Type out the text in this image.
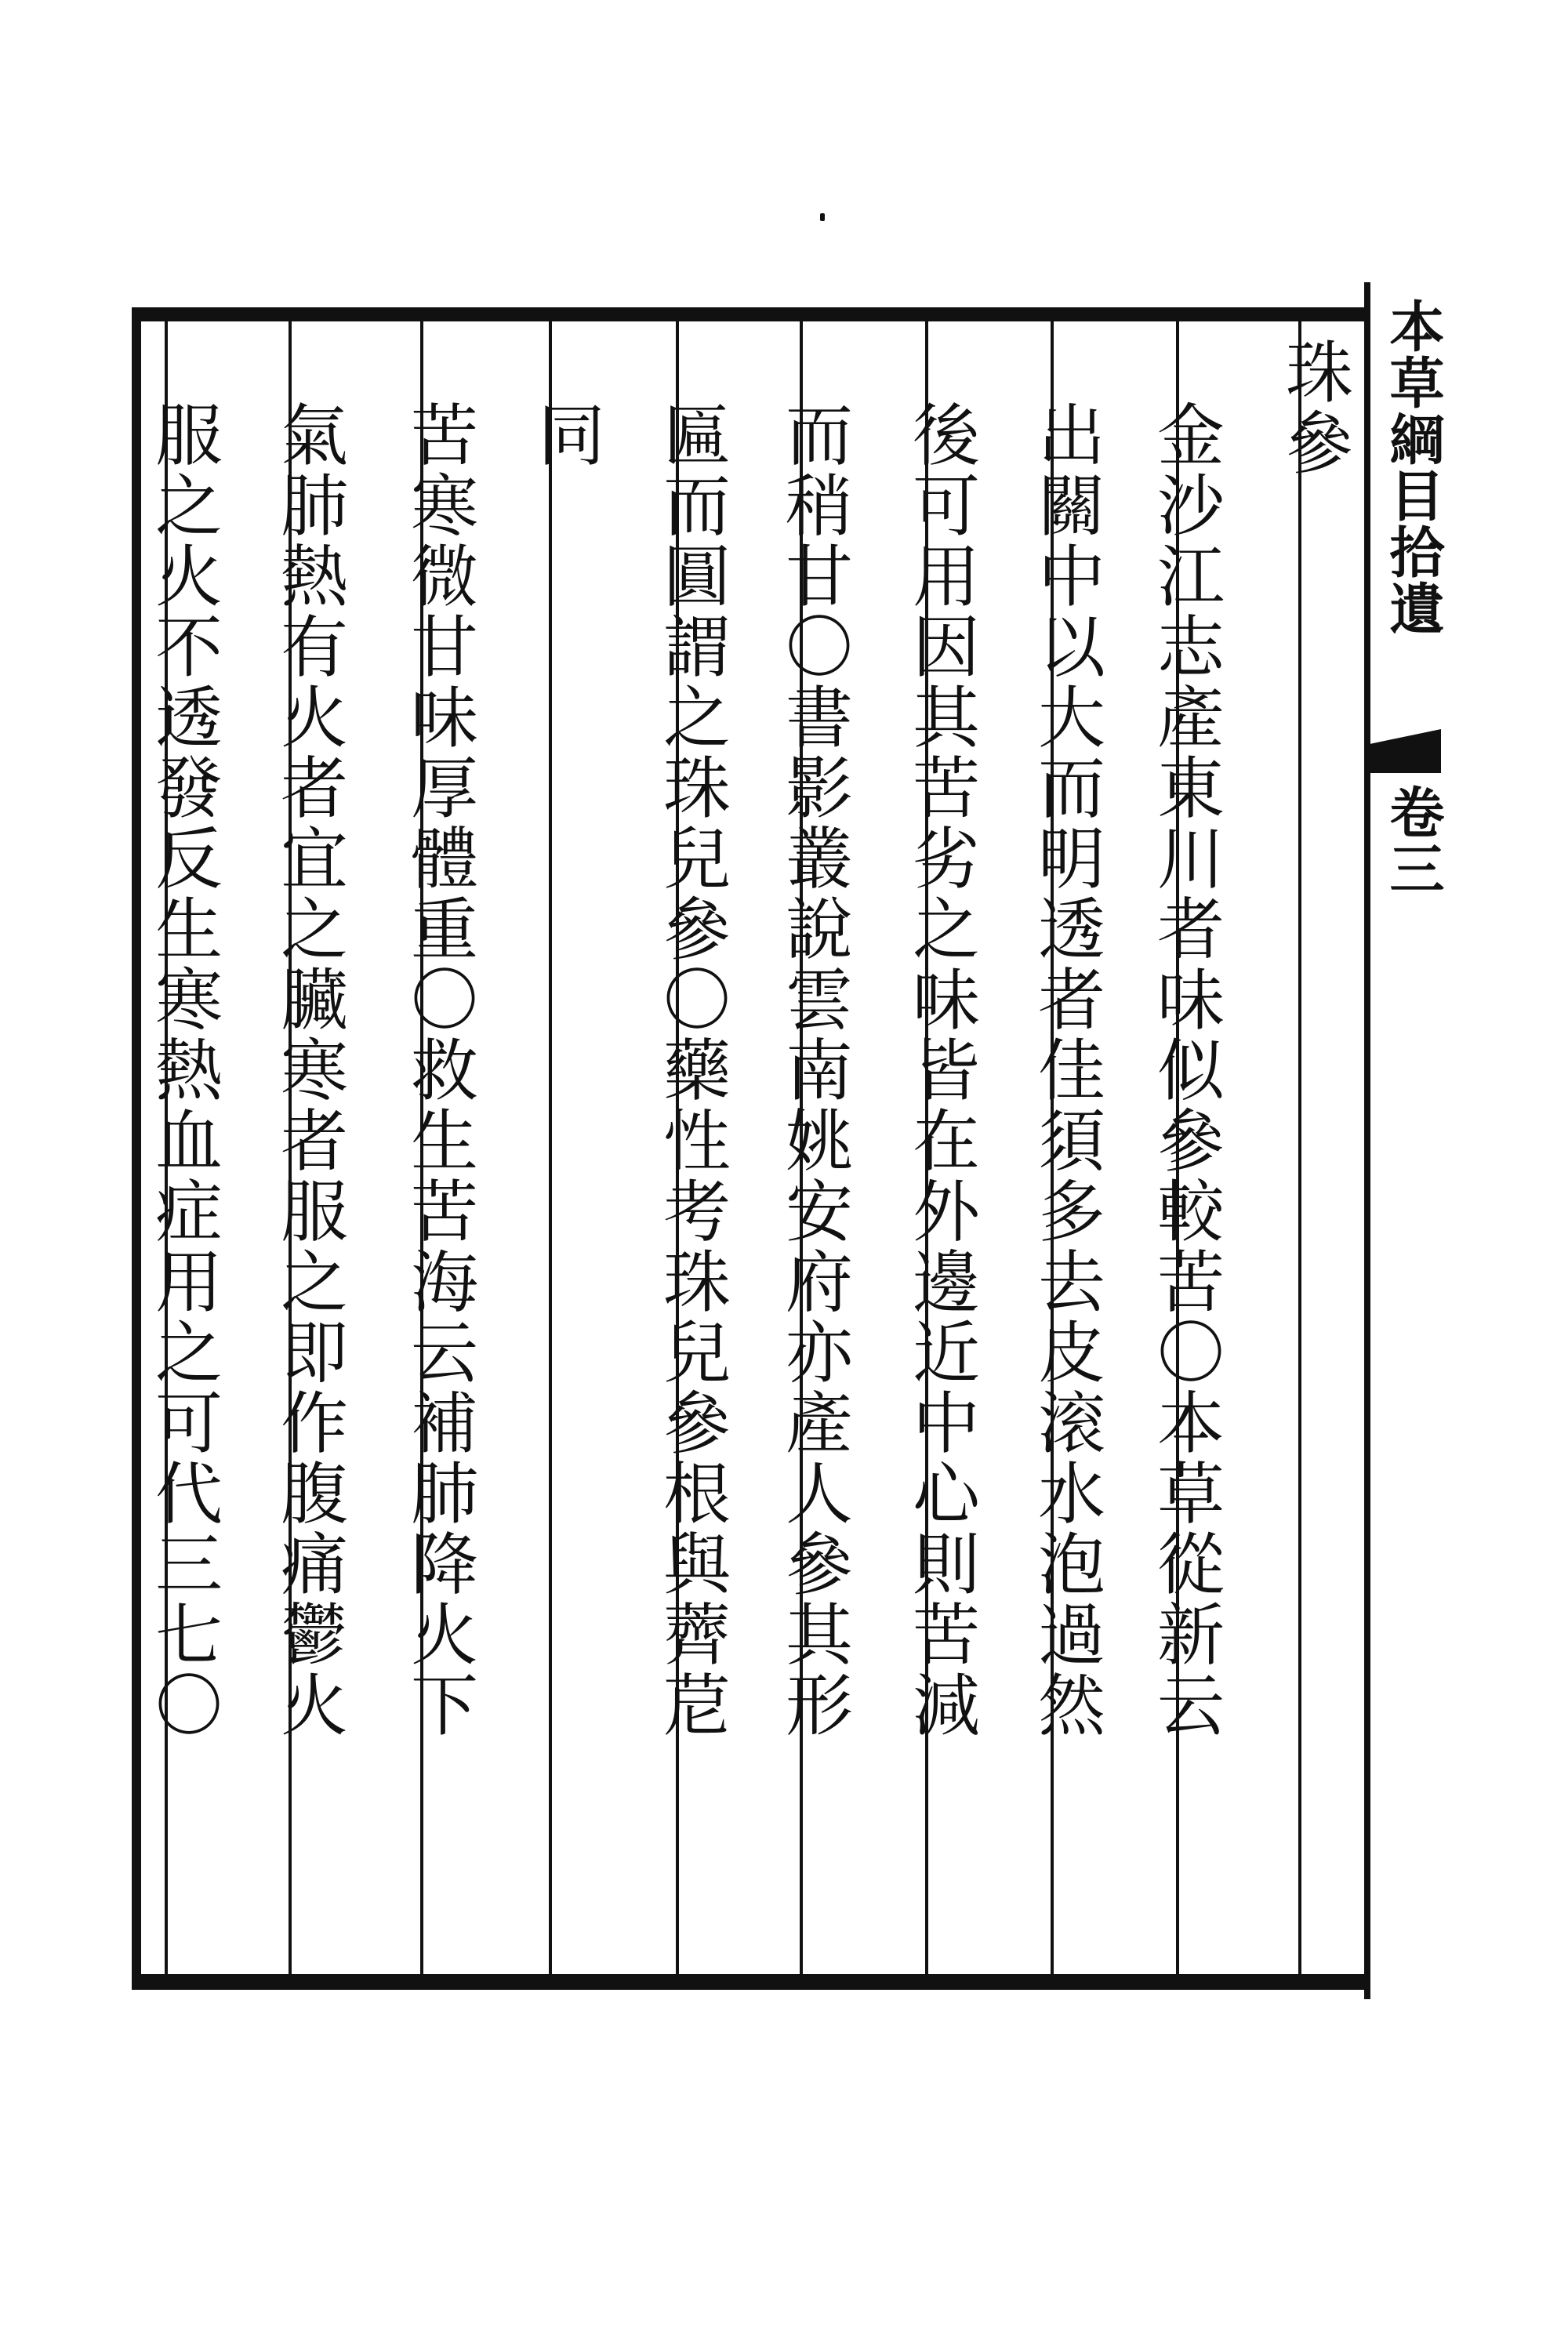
本草綱目拾遺
卷三
珠參
金沙江志產東川者味似參較苦〇本草從新云
出關中以大而明透者佳須多去皮滚水泡過然
後可用因其苦劣之味皆在外邊近中心則苦減
而稍甘〇書影叢說雲南姚安府亦產人參其形
匾而圓謂之珠兒參〇藥性考珠兒參根與薺苨
同
苦寒微甘味厚體重〇救生苦海云補肺降火下
氣肺熱有火者宜之臟寒者服之即作腹痛鬱火
服之火不透發反生寒熱血症用之可代三七〇
